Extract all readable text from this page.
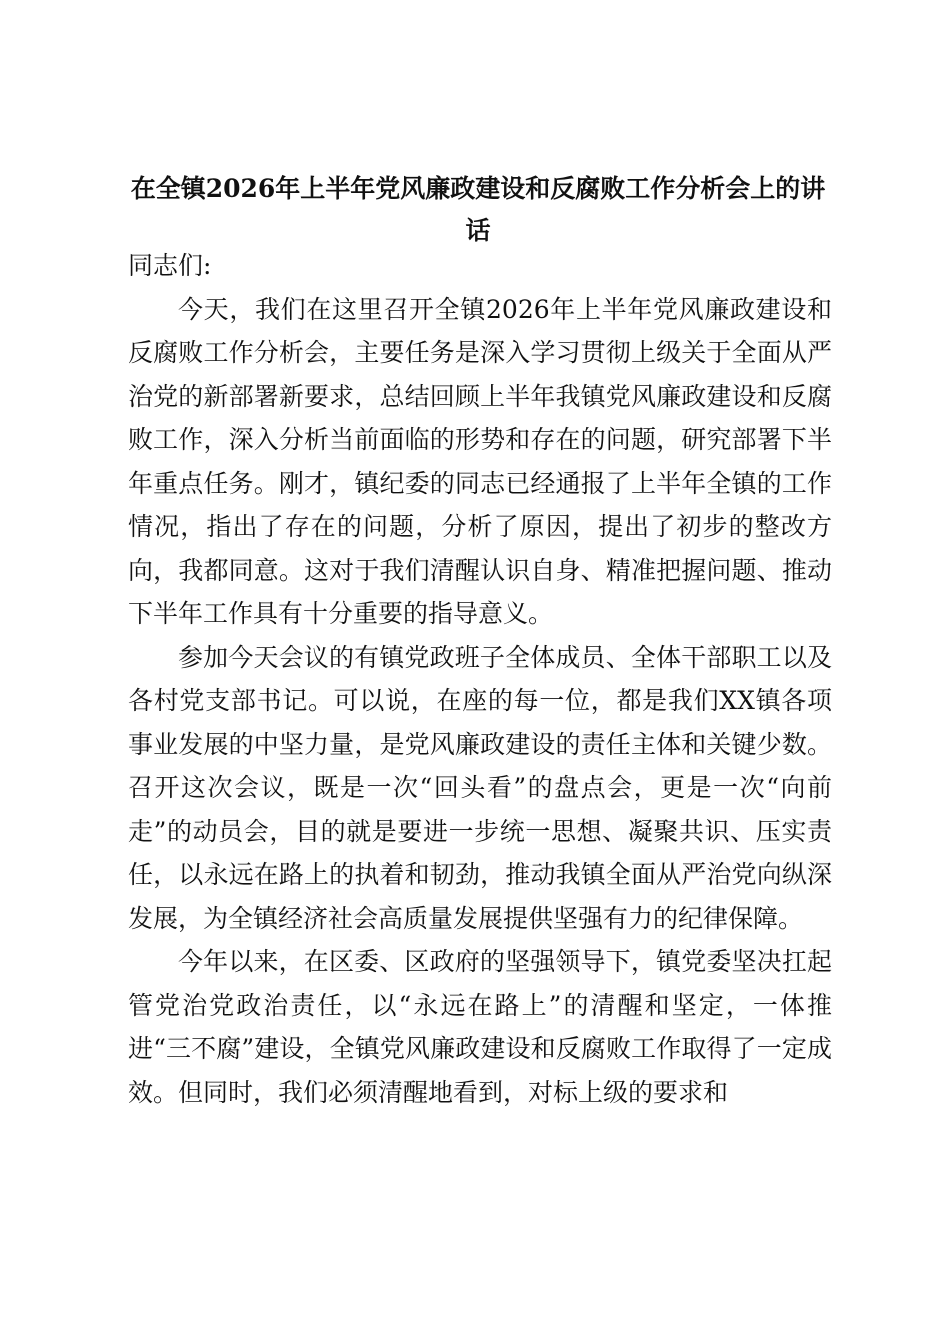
在全镇2026年上半年党风廉政建设和反腐败工作分析会上的讲话

同志们:

今天，我们在这里召开全镇2026年上半年党风廉政建设和反腐败工作分析会，主要任务是深入学习贯彻上级关于全面从严治党的新部署新要求，总结回顾上半年我镇党风廉政建设和反腐败工作，深入分析当前面临的形势和存在的问题，研究部署下半年重点任务。刚才，镇纪委的同志已经通报了上半年全镇的工作情况，指出了存在的问题，分析了原因，提出了初步的整改方向，我都同意。这对于我们清醒认识自身、精准把握问题、推动下半年工作具有十分重要的指导意义。

参加今天会议的有镇党政班子全体成员、全体干部职工以及各村党支部书记。可以说，在座的每一位，都是我们XX镇各项事业发展的中坚力量，是党风廉政建设的责任主体和关键少数。召开这次会议，既是一次“回头看”的盘点会，更是一次“向前走”的动员会，目的就是要进一步统一思想、凝聚共识、压实责任，以永远在路上的执着和韧劲，推动我镇全面从严治党向纵深发展，为全镇经济社会高质量发展提供坚强有力的纪律保障。

今年以来，在区委、区政府的坚强领导下，镇党委坚决扛起管党治党政治责任，以“永远在路上”的清醒和坚定，一体推进“三不腐”建设，全镇党风廉政建设和反腐败工作取得了一定成效。但同时，我们必须清醒地看到，对标上级的要求和
